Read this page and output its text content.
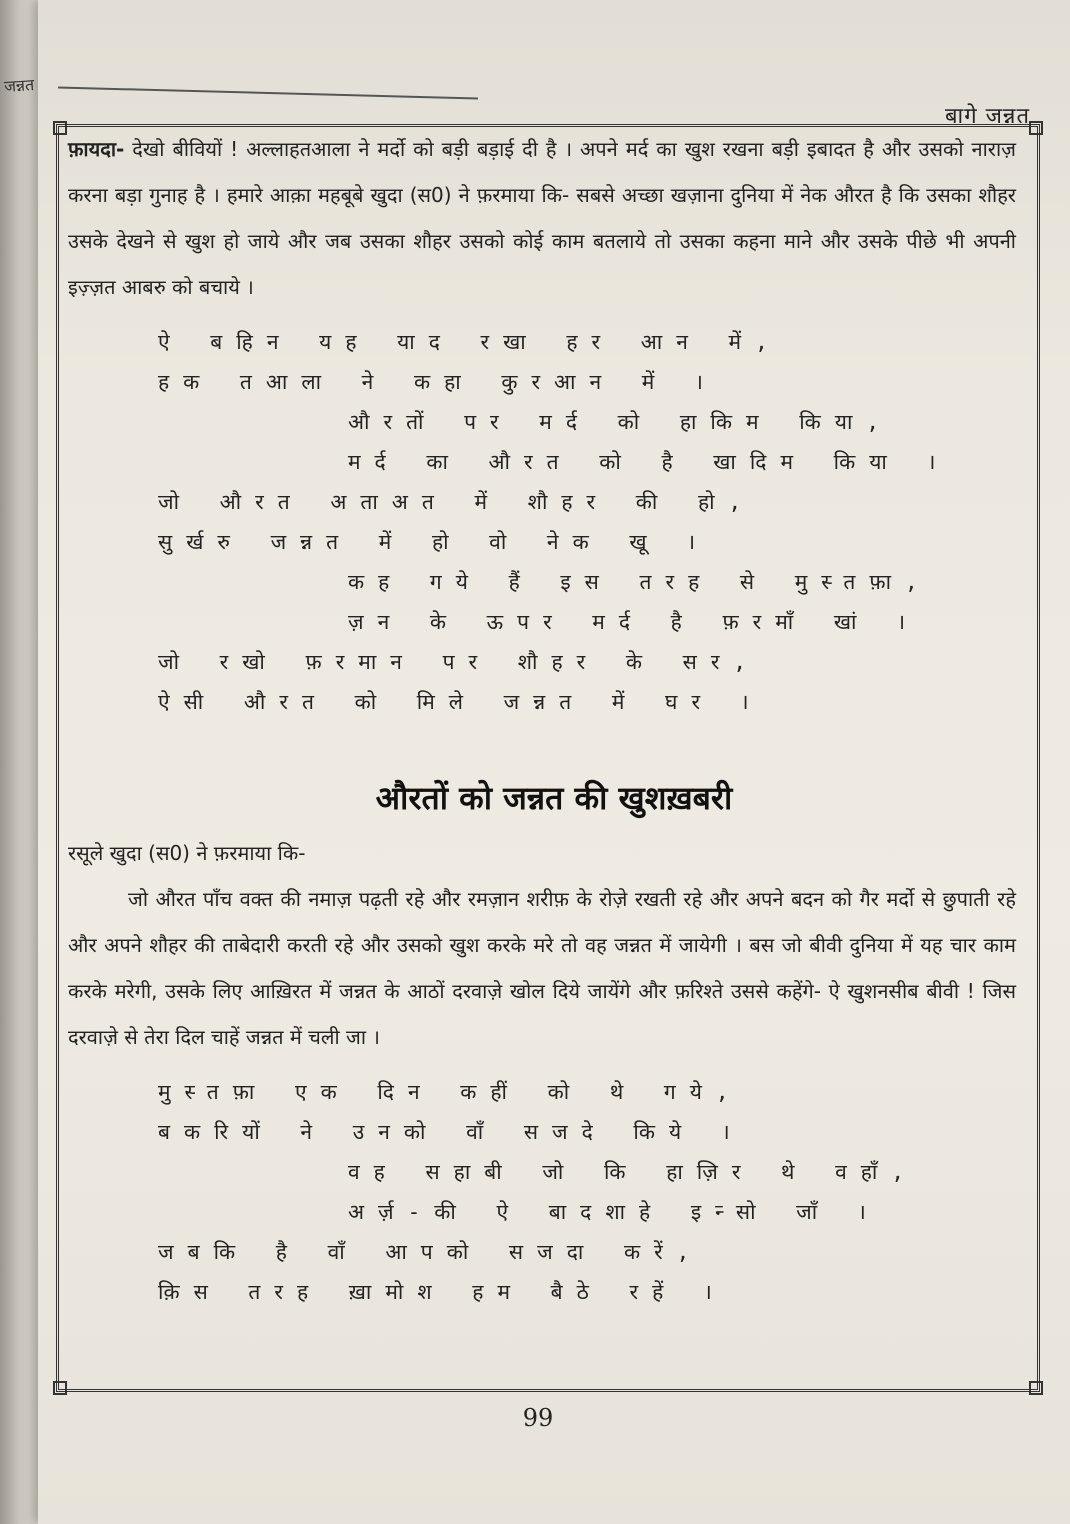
जन्नत
बागे जन्नत

फ़ायदा- देखो बीवियों ! अल्लाहतआला ने मर्दो को बड़ी बड़ाई दी है । अपने मर्द का खुश रखना बड़ी इबादत है और उसको नाराज़ करना बड़ा गुनाह है । हमारे आक़ा महबूबे खुदा (स0) ने फ़रमाया कि- सबसे अच्छा खज़ाना दुनिया में नेक औरत है कि उसका शौहर उसके देखने से खुश हो जाये और जब उसका शौहर उसको कोई काम बतलाये तो उसका कहना माने और उसके पीछे भी अपनी इज़्ज़त आबरु को बचाये ।

ऐ बहिन यह याद रखा हर आन में,
हक तआला ने कहा कुरआन में ।
औरतों पर मर्द को हाकिम किया,
मर्द का औरत को है खादिम किया ।
जो औरत अताअत में शौहर की हो,
सुर्खरु जन्नत में हो वो नेक खू ।
कह गये हैं इस तरह से मुस्तफ़ा,
ज़न के ऊपर मर्द है फ़रमाँ खां ।
जो रखो फ़रमान पर शौहर के सर,
ऐसी औरत को मिले जन्नत में घर ।
औरतों को जन्नत की खुशख़बरी

रसूले खुदा (स0) ने फ़रमाया कि-

जो औरत पाँच वक्त की नमाज़ पढ़ती रहे और रमज़ान शरीफ़ के रोज़े रखती रहे और अपने बदन को गैर मर्दो से छुपाती रहे और अपने शौहर की ताबेदारी करती रहे और उसको खुश करके मरे तो वह जन्नत में जायेगी । बस जो बीवी दुनिया में यह चार काम करके मरेगी, उसके लिए आख़िरत में जन्नत के आठों दरवाज़े खोल दिये जायेंगे और फ़रिश्ते उससे कहेंगे- ऐ खुशनसीब बीवी ! जिस दरवाज़े से तेरा दिल चाहें जन्नत में चली जा ।

मुस्तफ़ा एक दिन कहीं को थे गये,
बकरियों ने उनको वाँ सजदे किये ।
वह सहाबी जो कि हाज़िर थे वहाँ,
अर्ज़-की ऐ बादशाहे इन्सो जाँ ।
जबकि है वाँ आपको सजदा करें,
क़िस तरह ख़ामोश हम बैठे रहें ।
99
